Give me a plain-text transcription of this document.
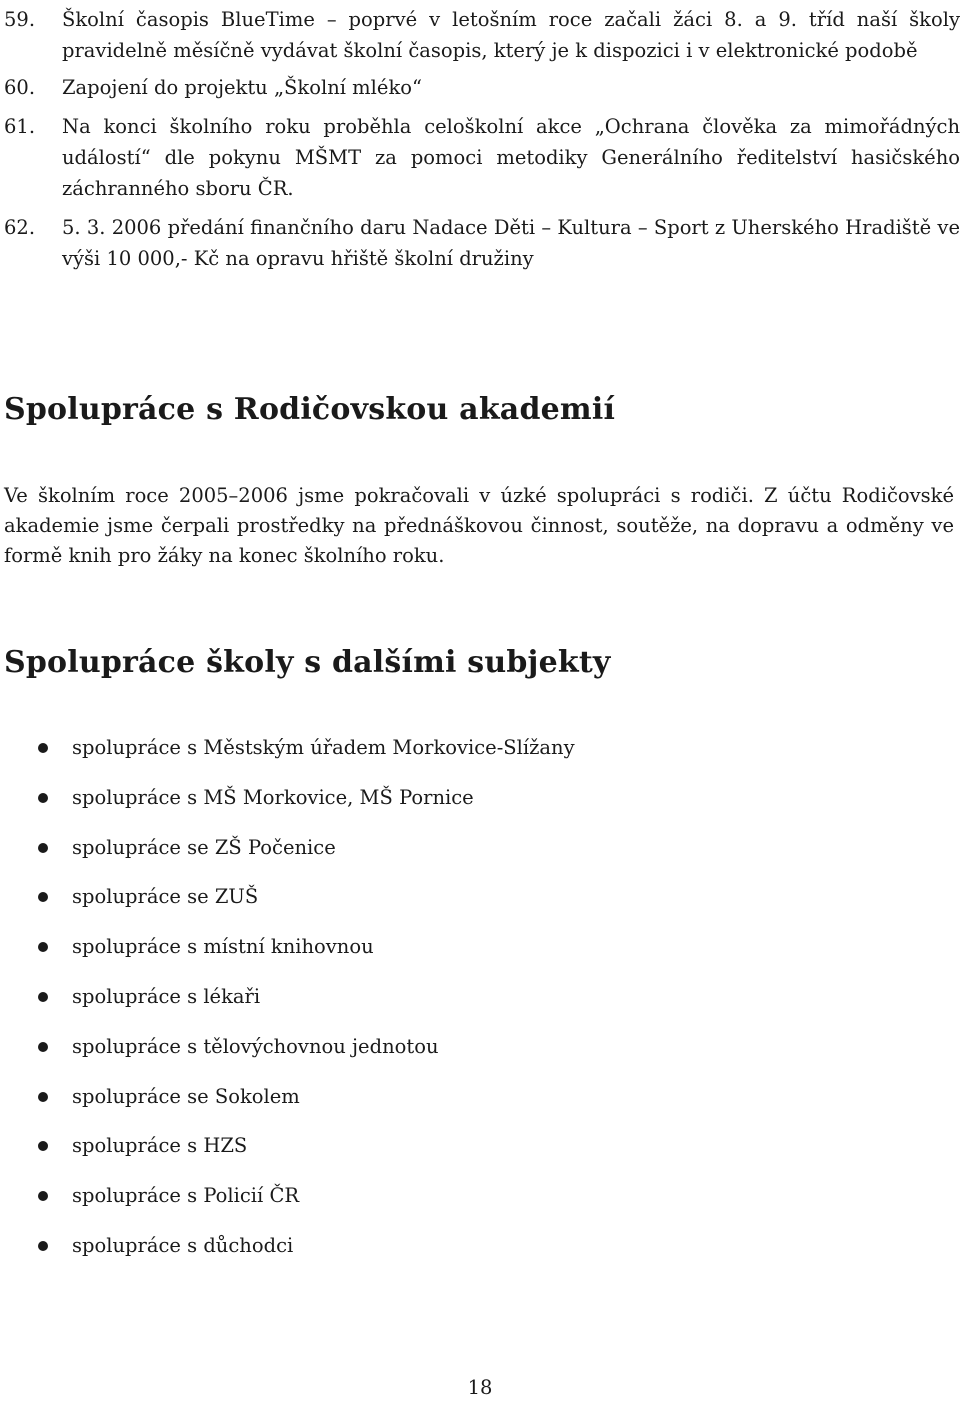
59.	Školní časopis BlueTime – poprvé v letošním roce začali žáci 8. a 9. tříd naší školy pravidelně měsíčně vydávat školní časopis, který je k dispozici i v elektronické podobě
60.	Zapojení do projektu „Školní mléko“
61.	Na konci školního roku proběhla celoškolní akce „Ochrana člověka za mimořádných událostí“ dle pokynu MŠMT za pomoci metodiky Generálního ředitelství hasičského záchranného sboru ČR.
62.	5. 3. 2006 předání finančního daru Nadace Děti – Kultura – Sport z Uherského Hradiště ve výši 10 000,- Kč na opravu hřiště školní družiny
Spolupráce s Rodičovskou akademií

Ve školním roce 2005–2006 jsme pokračovali v úzké spolupráci s rodiči. Z účtu Rodičovské akademie jsme čerpali prostředky na přednáškovou činnost, soutěže, na dopravu a odměny ve formě knih pro žáky na konec školního roku.

Spolupráce školy s dalšími subjekty
spolupráce s Městským úřadem Morkovice-Slížany
spolupráce s MŠ Morkovice, MŠ Pornice
spolupráce se ZŠ Počenice
spolupráce se ZUŠ
spolupráce s místní knihovnou
spolupráce s lékaři
spolupráce s tělovýchovnou jednotou
spolupráce se Sokolem
spolupráce s HZS
spolupráce s Policií ČR
spolupráce s důchodci
18
